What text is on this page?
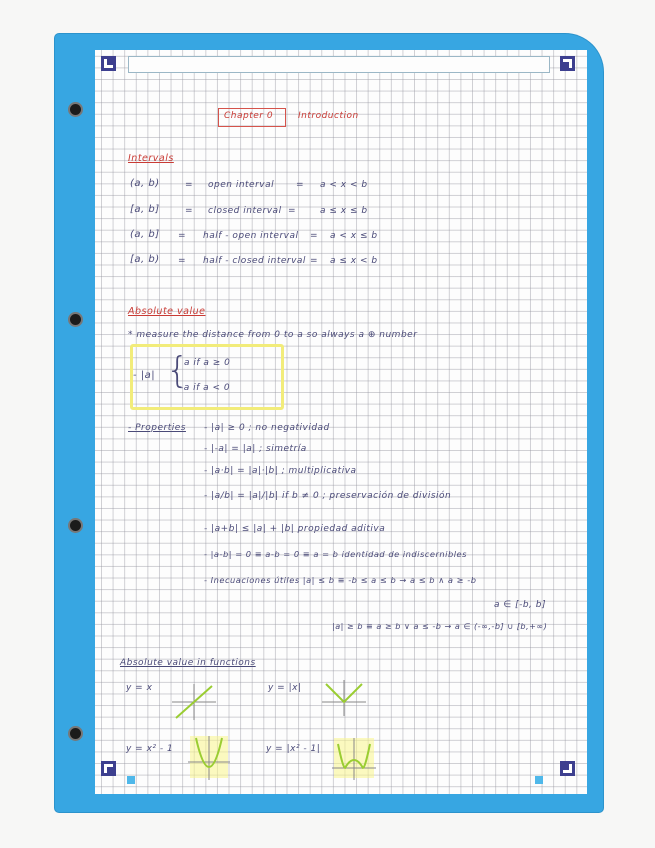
Chapter 0	Introduction
Intervals
(a, b)	= open interval = a < x < b
[a, b]	= closed interval =	a ≤ x ≤ b
(a, b] = half - open interval = a < x ≤ b
[a, b) = half - closed interval = a ≤ x < b
Absolute value
* measure the distance from 0 to a so always a ⊕ number
- |a| {
a if a ≥ 0
-a if a < 0
- Properties - |a| ≥ 0 ; no negatividad
- |-a| = |a| ; simetría
- |a·b| = |a|·|b| ; multiplicativa
- |a/b| = |a|/|b| if b ≠ 0 ; preservación de división
- |a+b| ≤ |a| + |b| propiedad aditiva
- |a-b| = 0 ≡ a-b = 0 ≡ a = b identidad de indiscernibles
- Inecuaciones útiles |a| ≤ b ≡ -b ≤ a ≤ b → a ≤ b ∧ a ≥ -b
a ∈ [-b, b]
|a| ≥ b ≡ a ≥ b ∨ a ≤ -b → a ∈ (-∞,-b] ∪ [b,+∞)
Absolute value in functions
y = x	y = |x|
y = x² - 1	y = |x² - 1|
